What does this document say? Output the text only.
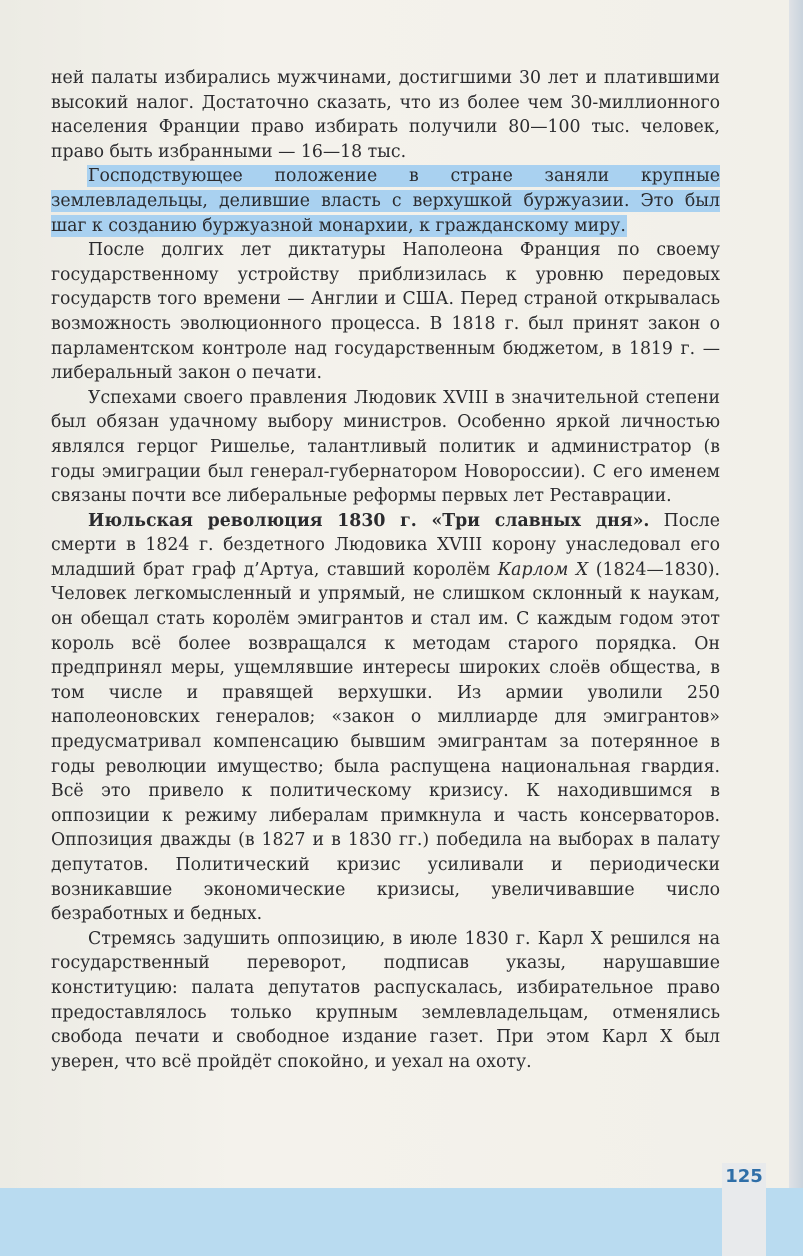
ней палаты избирались мужчинами, достигшими 30 лет и платившими высокий налог. Достаточно сказать, что из более чем 30-миллионного населения Франции право избирать получили 80—100 тыс. человек, право быть избранными — 16—18 тыс.

Господствующее положение в стране заняли крупные землевладельцы, делившие власть с верхушкой буржуазии. Это был шаг к созданию буржуазной монархии, к гражданскому миру.

После долгих лет диктатуры Наполеона Франция по своему государственному устройству приблизилась к уровню передовых государств того времени — Англии и США. Перед страной открывалась возможность эволюционного процесса. В 1818 г. был принят закон о парламентском контроле над государственным бюджетом, в 1819 г. — либеральный закон о печати.

Успехами своего правления Людовик XVIII в значительной степени был обязан удачному выбору министров. Особенно яркой личностью являлся герцог Ришелье, талантливый политик и администратор (в годы эмиграции был генерал-губернатором Новороссии). С его именем связаны почти все либеральные реформы первых лет Реставрации.

Июльская революция 1830 г. «Три славных дня». После смерти в 1824 г. бездетного Людовика XVIII корону унаследовал его младший брат граф д’Артуа, ставший королём Карлом X (1824—1830). Человек легкомысленный и упрямый, не слишком склонный к наукам, он обещал стать королём эмигрантов и стал им. С каждым годом этот король всё более возвращался к методам старого порядка. Он предпринял меры, ущемлявшие интересы широких слоёв общества, в том числе и правящей верхушки. Из армии уволили 250 наполеоновских генералов; «закон о миллиарде для эмигрантов» предусматривал компенсацию бывшим эмигрантам за потерянное в годы революции имущество; была распущена национальная гвардия. Всё это привело к политическому кризису. К находившимся в оппозиции к режиму либералам примкнула и часть консерваторов. Оппозиция дважды (в 1827 и в 1830 гг.) победила на выборах в палату депутатов. Политический кризис усиливали и периодически возникавшие экономические кризисы, увеличивавшие число безработных и бедных.

Стремясь задушить оппозицию, в июле 1830 г. Карл X решился на государственный переворот, подписав указы, нарушавшие конституцию: палата депутатов распускалась, избирательное право предоставлялось только крупным землевладельцам, отменялись свобода печати и свободное издание газет. При этом Карл X был уверен, что всё пройдёт спокойно, и уехал на охоту.

125
